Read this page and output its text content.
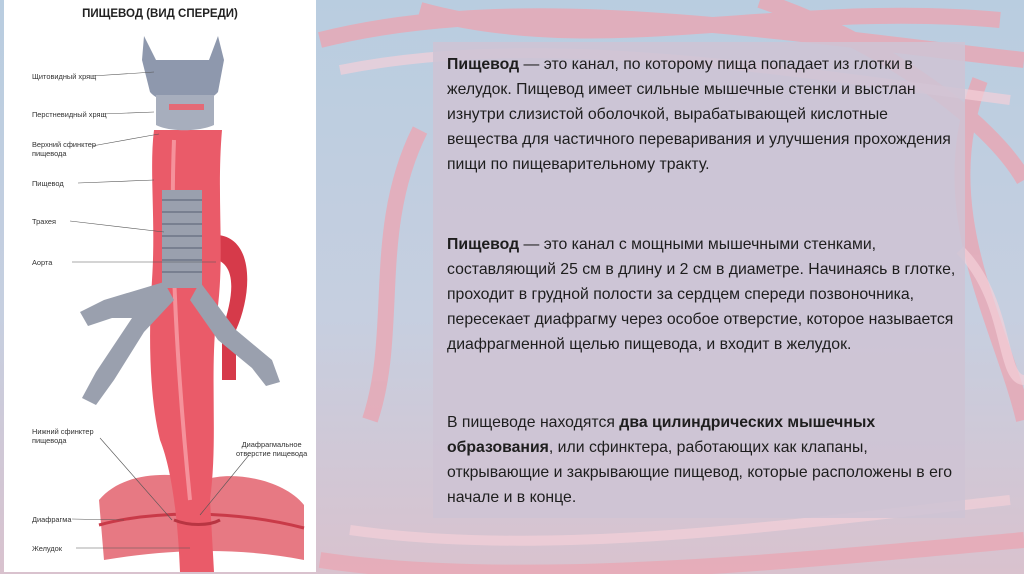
ПИЩЕВОД (ВИД СПЕРЕДИ)
Щитовидный хрящ
Перстневидный хрящ
Верхний сфинктер
пищевода
Пищевод
Трахея
Аорта
Нижний сфинктер
пищевода	Диафрагмальное
отверстие пищевода
Диафрагма
Желудок

Пищевод — это канал, по которому пища попадает из глотки в желудок. Пищевод имеет сильные мышечные стенки и выстлан изнутри слизистой оболочкой, вырабатывающей кислотные вещества для частичного переваривания и улучшения прохождения пищи по пищеварительному тракту.

Пищевод — это канал с мощными мышечными стенками, составляющий 25 см в длину и 2 см в диаметре. Начинаясь в глотке, проходит в грудной полости за сердцем спереди позвоночника, пересекает диафрагму через особое отверстие, которое называется диафрагменной щелью пищевода, и входит в желудок.

В пищеводе находятся два цилиндрических мышечных образования, или сфинктера, работающих как клапаны, открывающие и закрывающие пищевод, которые расположены в его начале и в конце.
